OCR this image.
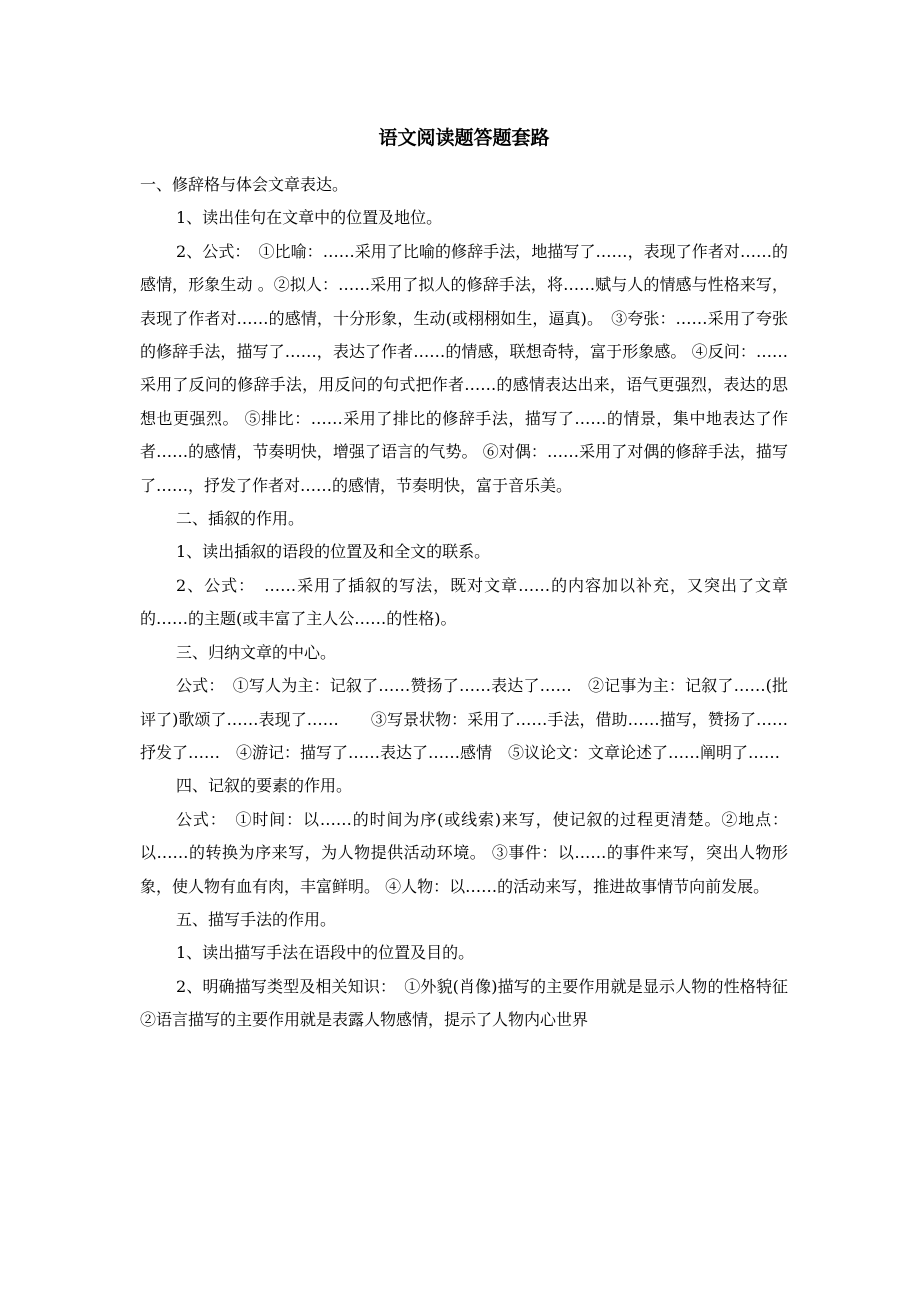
语文阅读题答题套路

一、修辞格与体会文章表达。

1、读出佳句在文章中的位置及地位。

2、公式：　①比喻：……采用了比喻的修辞手法，地描写了……，表现了作者对……的感情，形象生动 。②拟人：……采用了拟人的修辞手法，将……赋与人的情感与性格来写，表现了作者对……的感情，十分形象，生动(或栩栩如生，逼真)。　③夸张：……采用了夸张的修辞手法，描写了……，表达了作者……的情感，联想奇特，富于形象感。 ④反问：……采用了反问的修辞手法，用反问的句式把作者……的感情表达出来，语气更强烈，表达的思想也更强烈。 ⑤排比：……采用了排比的修辞手法，描写了……的情景，集中地表达了作者……的感情，节奏明快，增强了语言的气势。 ⑥对偶：……采用了对偶的修辞手法，描写了……，抒发了作者对……的感情，节奏明快，富于音乐美。

二、插叙的作用。

1、读出插叙的语段的位置及和全文的联系。

2、公式：　……采用了插叙的写法，既对文章……的内容加以补充，又突出了文章的……的主题(或丰富了主人公……的性格)。

三、归纳文章的中心。

公式：　①写人为主：记叙了……赞扬了……表达了……　②记事为主：记叙了……(批评了)歌颂了……表现了……　　③写景状物：采用了……手法，借助……描写，赞扬了……抒发了……　④游记：描写了……表达了……感情　⑤议论文：文章论述了……阐明了……

四、记叙的要素的作用。

公式：　①时间：以……的时间为序(或线索)来写，使记叙的过程更清楚。②地点：以……的转换为序来写，为人物提供活动环境。 ③事件：以……的事件来写，突出人物形象，使人物有血有肉，丰富鲜明。 ④人物：以……的活动来写，推进故事情节向前发展。

五、描写手法的作用。

1、读出描写手法在语段中的位置及目的。

2、明确描写类型及相关知识：　①外貌(肖像)描写的主要作用就是显示人物的性格特征 ②语言描写的主要作用就是表露人物感情，提示了人物内心世界
